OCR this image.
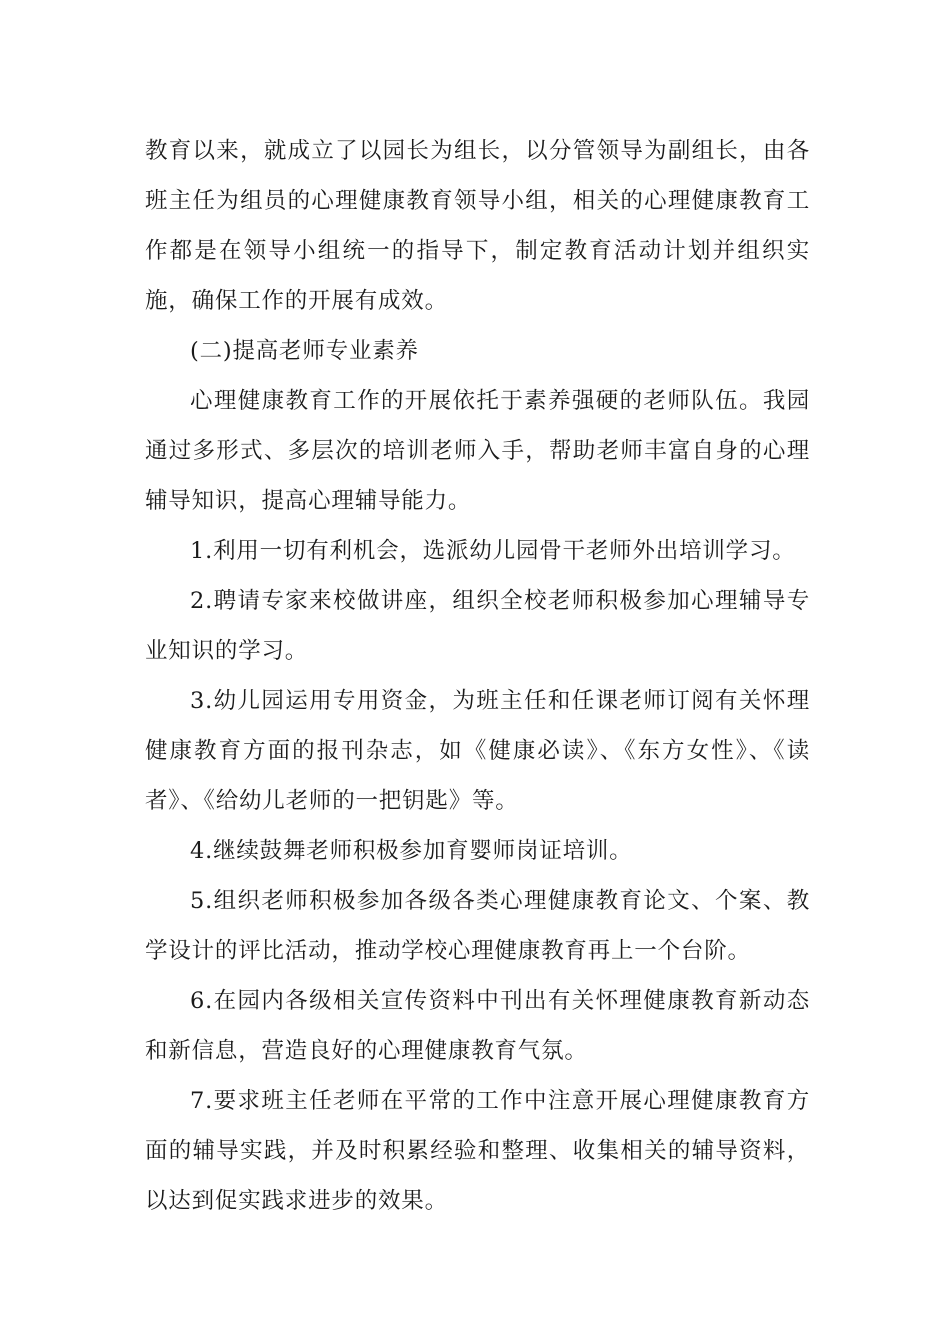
教育以来，就成立了以园长为组长，以分管领导为副组长，由各班主任为组员的心理健康教育领导小组，相关的心理健康教育工作都是在领导小组统一的指导下，制定教育活动计划并组织实施，确保工作的开展有成效。

(二)提高老师专业素养

心理健康教育工作的开展依托于素养强硬的老师队伍。我园通过多形式、多层次的培训老师入手，帮助老师丰富自身的心理辅导知识，提高心理辅导能力。

1.利用一切有利机会，选派幼儿园骨干老师外出培训学习。

2.聘请专家来校做讲座，组织全校老师积极参加心理辅导专业知识的学习。

3.幼儿园运用专用资金，为班主任和任课老师订阅有关怀理健康教育方面的报刊杂志，如《健康必读》、《东方女性》、《读者》、《给幼儿老师的一把钥匙》等。

4.继续鼓舞老师积极参加育婴师岗证培训。

5.组织老师积极参加各级各类心理健康教育论文、个案、教学设计的评比活动，推动学校心理健康教育再上一个台阶。

6.在园内各级相关宣传资料中刊出有关怀理健康教育新动态和新信息，营造良好的心理健康教育气氛。

7.要求班主任老师在平常的工作中注意开展心理健康教育方面的辅导实践，并及时积累经验和整理、收集相关的辅导资料，以达到促实践求进步的效果。
